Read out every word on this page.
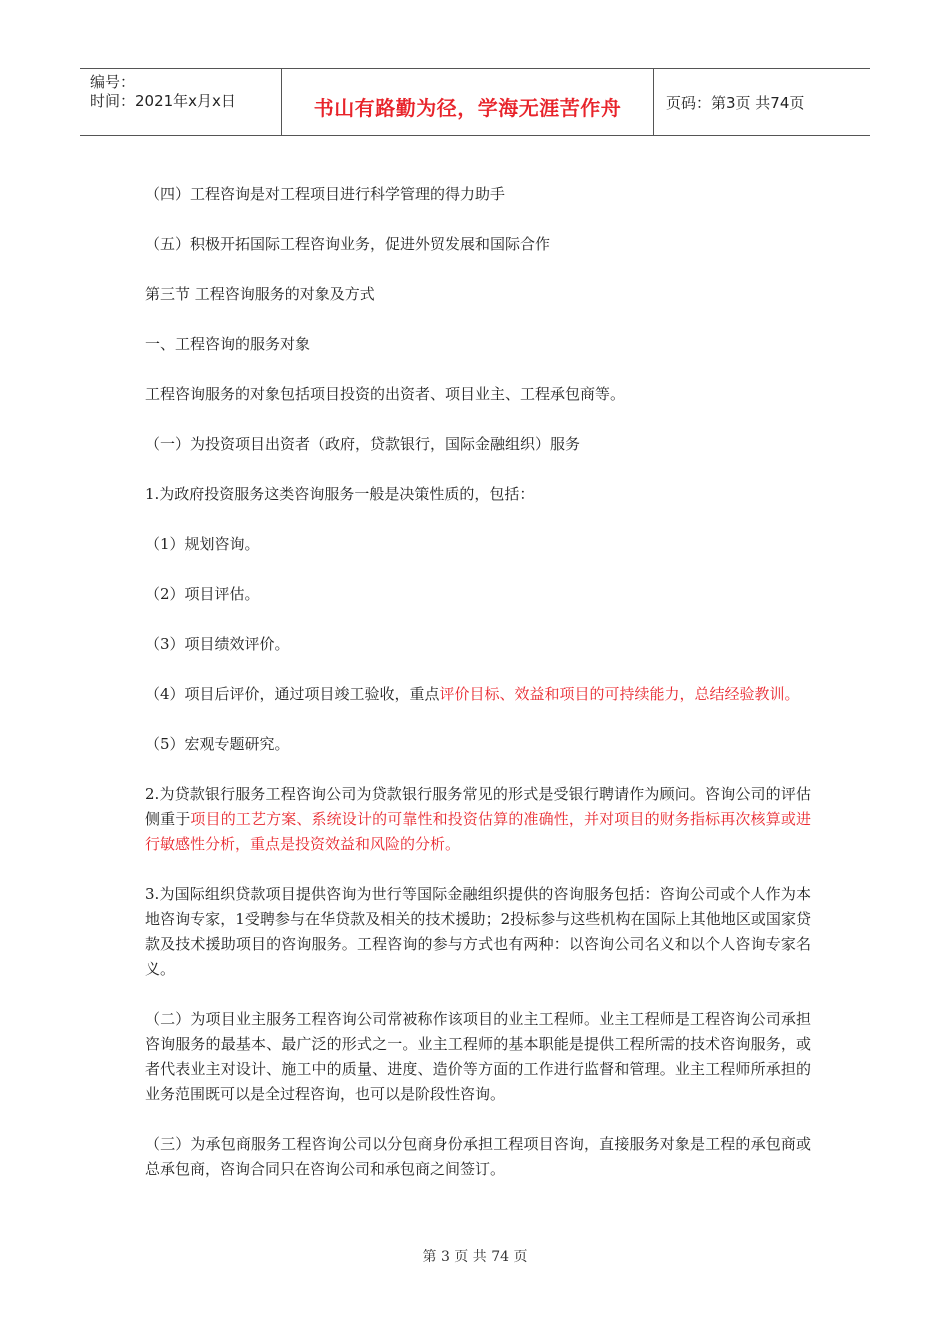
编号：
时间：2021年x月x日	书山有路勤为径，学海无涯苦作舟	页码：第3页 共74页

（四）工程咨询是对工程项目进行科学管理的得力助手

（五）积极开拓国际工程咨询业务，促进外贸发展和国际合作

第三节 工程咨询服务的对象及方式

一、工程咨询的服务对象

工程咨询服务的对象包括项目投资的出资者、项目业主、工程承包商等。

（一）为投资项目出资者（政府，贷款银行，国际金融组织）服务

1.为政府投资服务这类咨询服务一般是决策性质的，包括：

（1）规划咨询。

（2）项目评估。

（3）项目绩效评价。

（4）项目后评价，通过项目竣工验收，重点评价目标、效益和项目的可持续能力，总结经验教训。

（5）宏观专题研究。

2.为贷款银行服务工程咨询公司为贷款银行服务常见的形式是受银行聘请作为顾问。咨询公司的评估侧重于项目的工艺方案、系统设计的可靠性和投资估算的准确性，并对项目的财务指标再次核算或进行敏感性分析，重点是投资效益和风险的分析。

3.为国际组织贷款项目提供咨询为世行等国际金融组织提供的咨询服务包括：咨询公司或个人作为本地咨询专家，1受聘参与在华贷款及相关的技术援助；2投标参与这些机构在国际上其他地区或国家贷款及技术援助项目的咨询服务。工程咨询的参与方式也有两种：以咨询公司名义和以个人咨询专家名义。

（二）为项目业主服务工程咨询公司常被称作该项目的业主工程师。业主工程师是工程咨询公司承担咨询服务的最基本、最广泛的形式之一。业主工程师的基本职能是提供工程所需的技术咨询服务，或者代表业主对设计、施工中的质量、进度、造价等方面的工作进行监督和管理。业主工程师所承担的业务范围既可以是全过程咨询，也可以是阶段性咨询。

（三）为承包商服务工程咨询公司以分包商身份承担工程项目咨询，直接服务对象是工程的承包商或总承包商，咨询合同只在咨询公司和承包商之间签订。

第 3 页 共 74 页
